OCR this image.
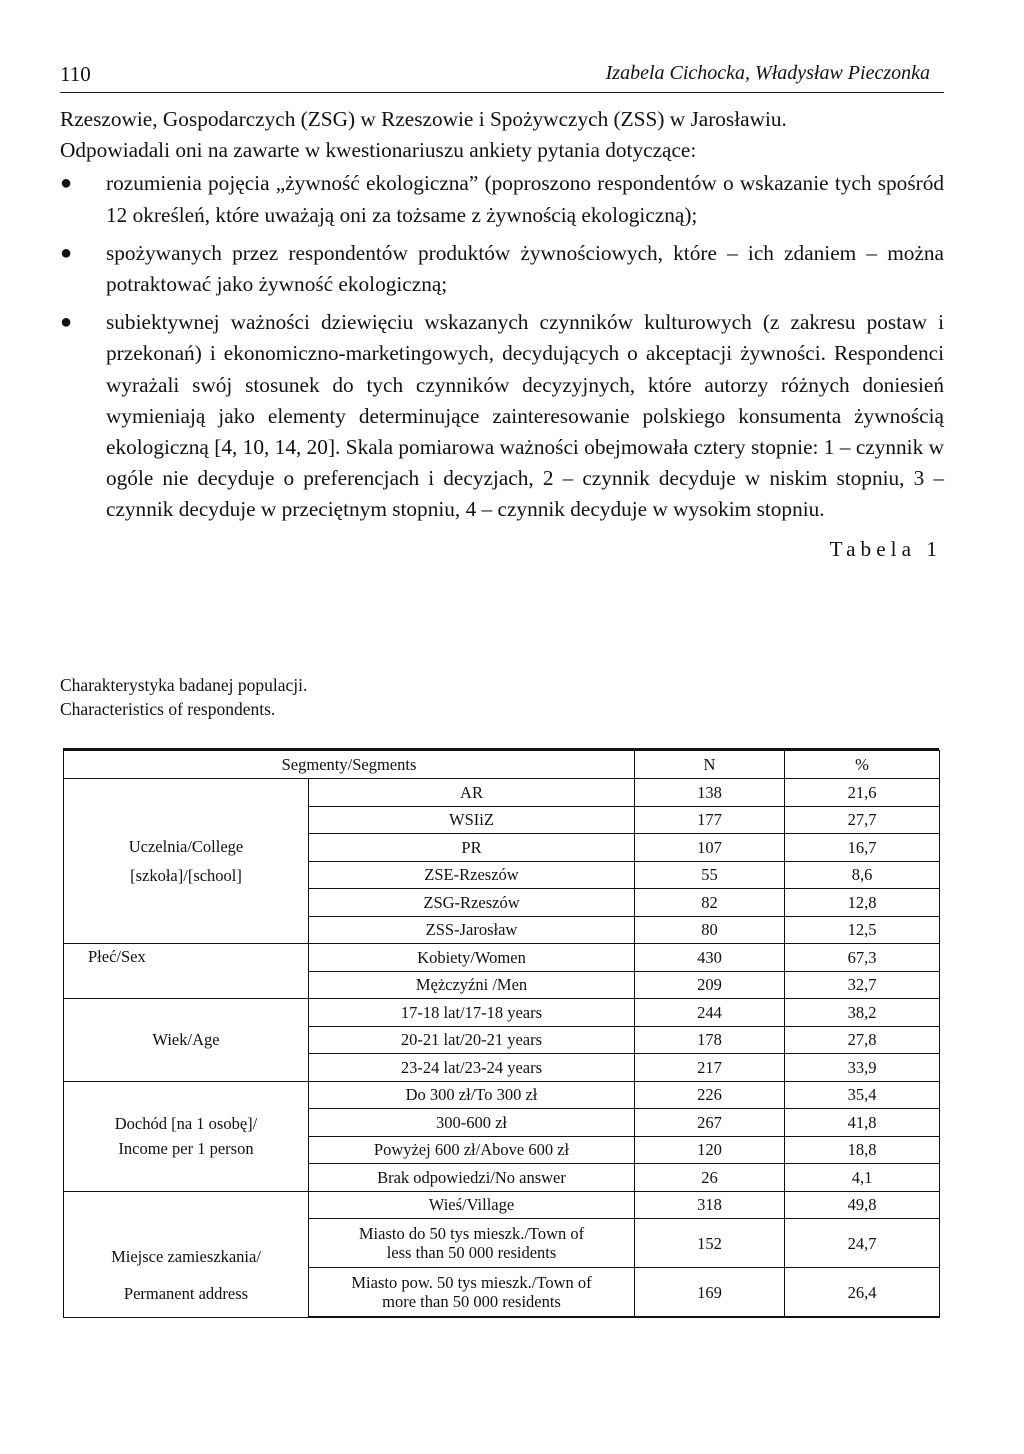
110	Izabela Cichocka, Władysław Pieczonka

Rzeszowie, Gospodarczych (ZSG) w Rzeszowie i Spożywczych (ZSS) w Jarosławiu.

Odpowiadali oni na zawarte w kwestionariuszu ankiety pytania dotyczące:

● rozumienia pojęcia „żywność ekologiczna” (poproszono respondentów o wskazanie tych spośród 12 określeń, które uważają oni za tożsame z żywnością ekologiczną);
● spożywanych przez respondentów produktów żywnościowych, które – ich zdaniem – można potraktować jako żywność ekologiczną;
● subiektywnej ważności dziewięciu wskazanych czynników kulturowych (z zakresu postaw i przekonań) i ekonomiczno-marketingowych, decydujących o akceptacji żywności. Respondenci wyrażali swój stosunek do tych czynników decyzyjnych, które autorzy różnych doniesień wymieniają jako elementy determinujące zainteresowanie polskiego konsumenta żywnością ekologiczną [4, 10, 14, 20]. Skala pomiarowa ważności obejmowała cztery stopnie: 1 – czynnik w ogóle nie decyduje o preferencjach i decyzjach, 2 – czynnik decyduje w niskim stopniu, 3 – czynnik decyduje w przeciętnym stopniu, 4 – czynnik decyduje w wysokim stopniu.
Tabela 1
Charakterystyka badanej populacji.
Characteristics of respondents.
Segmenty/Segments		N	%

Uczelnia/College
[szkoła]/[school]	AR	138	21,6
	WSIiZ	177	27,7
	PR	107	16,7
	ZSE-Rzeszów	55	8,6
	ZSG-Rzeszów	82	12,8
	ZSS-Jarosław	80	12,5

Płeć/Sex	Kobiety/Women	430	67,3
	Mężczyźni /Men	209	32,7

Wiek/Age	17-18 lat/17-18 years	244	38,2
	20-21 lat/20-21 years	178	27,8
	23-24 lat/23-24 years	217	33,9

Dochód [na 1 osobę]/
Income per 1 person	Do 300 zł/To 300 zł	226	35,4
	300-600 zł	267	41,8
	Powyżej 600 zł/Above 600 zł	120	18,8
	Brak odpowiedzi/No answer	26	4,1

Miejsce zamieszkania/
Permanent address	Wieś/Village	318	49,8

	Miasto do 50 tys mieszk./Town of
less than 50 000 residents	152	24,7

	Miasto pow. 50 tys mieszk./Town of
more than 50 000 residents	169	26,4
